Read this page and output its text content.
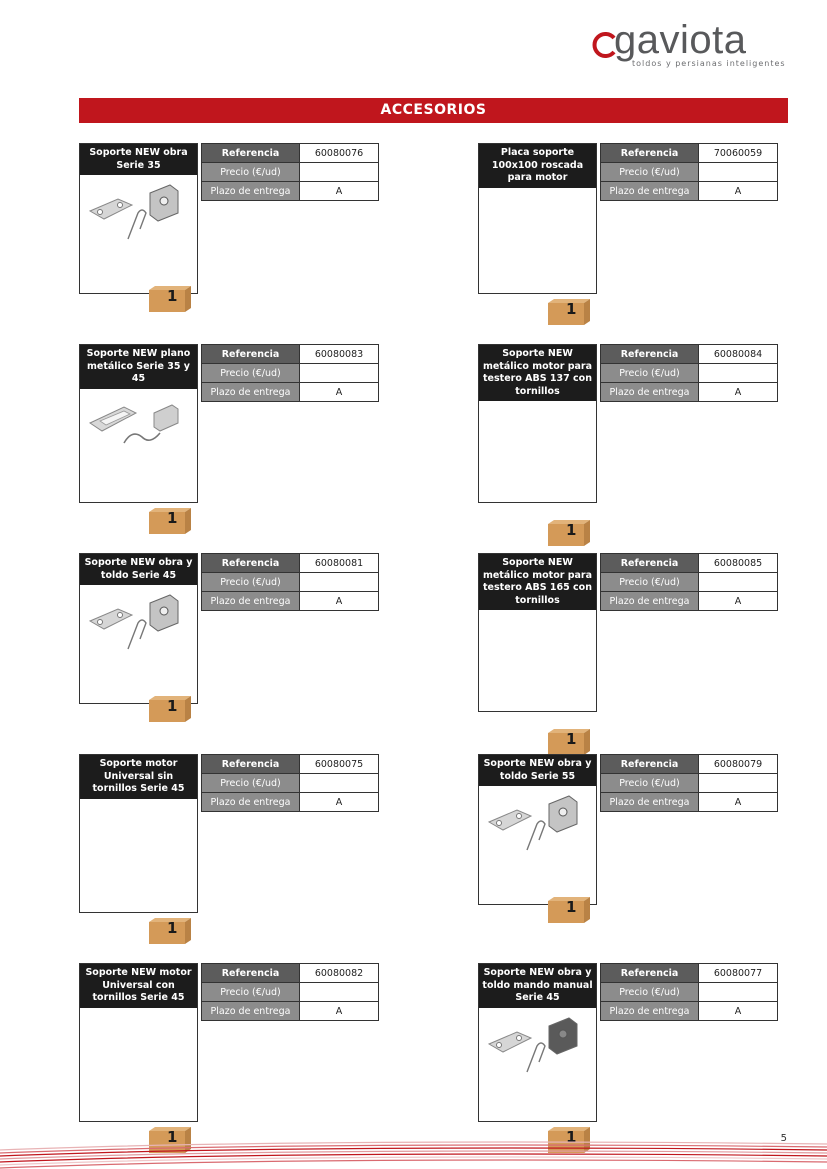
gaviota
toldos y persianas inteligentes
ACCESORIOS
Soporte NEW obra Serie 35
1
Referencia	60080076
Precio (€/ud)	
Plazo de entrega	A
Placa soporte 100x100 roscada para motor
1
Referencia	70060059
Precio (€/ud)	
Plazo de entrega	A
Soporte NEW plano metálico Serie 35 y 45
1
Referencia	60080083
Precio (€/ud)	
Plazo de entrega	A
Soporte NEW metálico motor para testero ABS 137 con tornillos
1
Referencia	60080084
Precio (€/ud)	
Plazo de entrega	A
Soporte NEW obra y toldo Serie 45
1
Referencia	60080081
Precio (€/ud)	
Plazo de entrega	A
Soporte NEW metálico motor para testero ABS 165 con tornillos
1
Referencia	60080085
Precio (€/ud)	
Plazo de entrega	A
Soporte motor Universal sin tornillos Serie 45
1
Referencia	60080075
Precio (€/ud)	
Plazo de entrega	A
Soporte NEW obra y toldo Serie 55
1
Referencia	60080079
Precio (€/ud)	
Plazo de entrega	A
Soporte NEW motor Universal con tornillos Serie 45
1
Referencia	60080082
Precio (€/ud)	
Plazo de entrega	A
Soporte NEW obra y toldo mando manual Serie 45
1
Referencia	60080077
Precio (€/ud)	
Plazo de entrega	A
5
